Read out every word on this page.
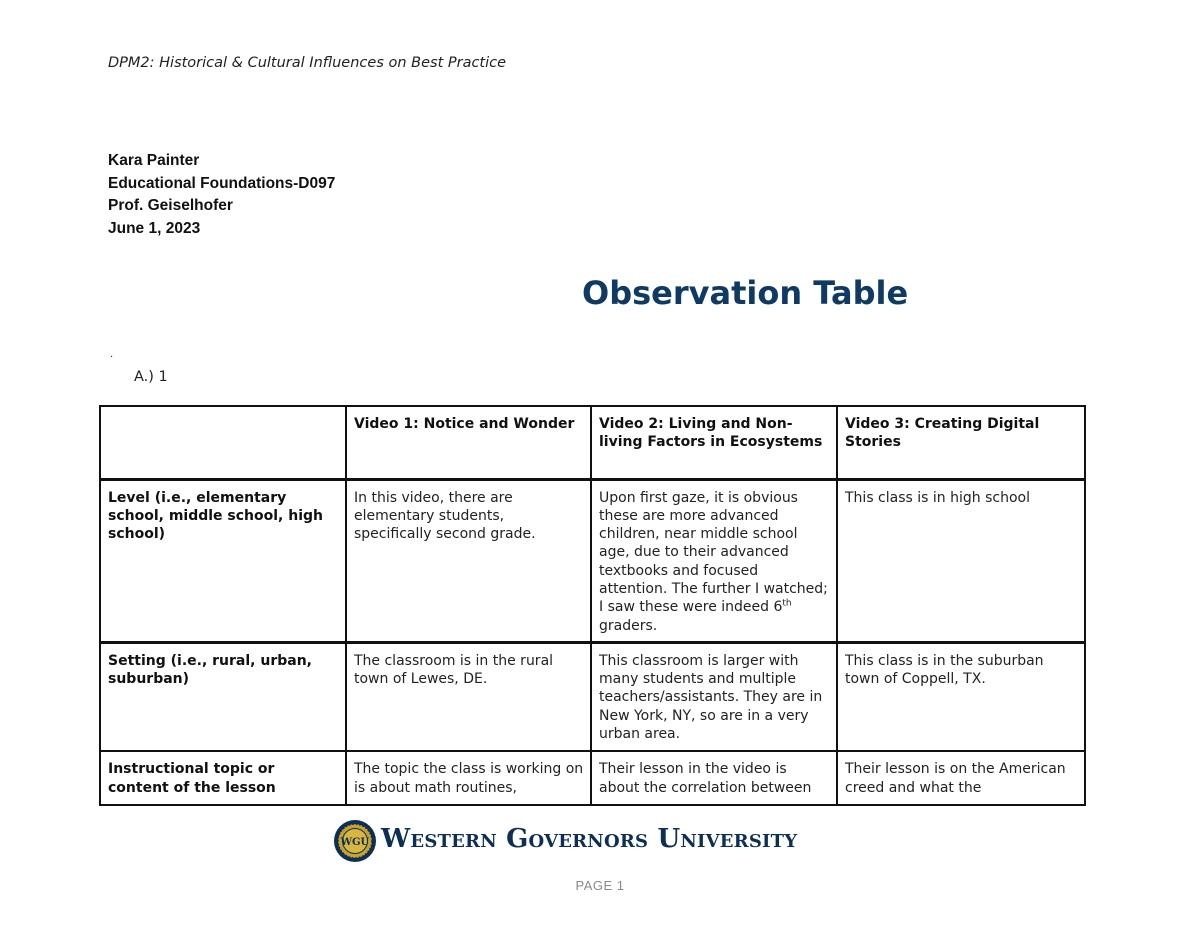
DPM2: Historical & Cultural Influences on Best Practice
Kara Painter
Educational Foundations-D097
Prof. Geiselhofer
June 1, 2023
Observation Table
·
A.) 1
	Video 1: Notice and Wonder	Video 2: Living and Non-living Factors in Ecosystems	Video 3: Creating Digital Stories
Level (i.e., elementary school, middle school, high school)	In this video, there are elementary students, specifically second grade.	Upon first gaze, it is obvious these are more advanced children, near middle school age, due to their advanced textbooks and focused attention. The further I watched; I saw these were indeed 6th graders.	This class is in high school
Setting (i.e., rural, urban, suburban)	The classroom is in the rural town of Lewes, DE.	This classroom is larger with many students and multiple teachers/assistants. They are in New York, NY, so are in a very urban area.	This class is in the suburban town of Coppell, TX.
Instructional topic or content of the lesson	The topic the class is working on is about math routines,	Their lesson in the video is about the correlation between	Their lesson is on the American creed and what the
WGU Western Governors University
PAGE 1
